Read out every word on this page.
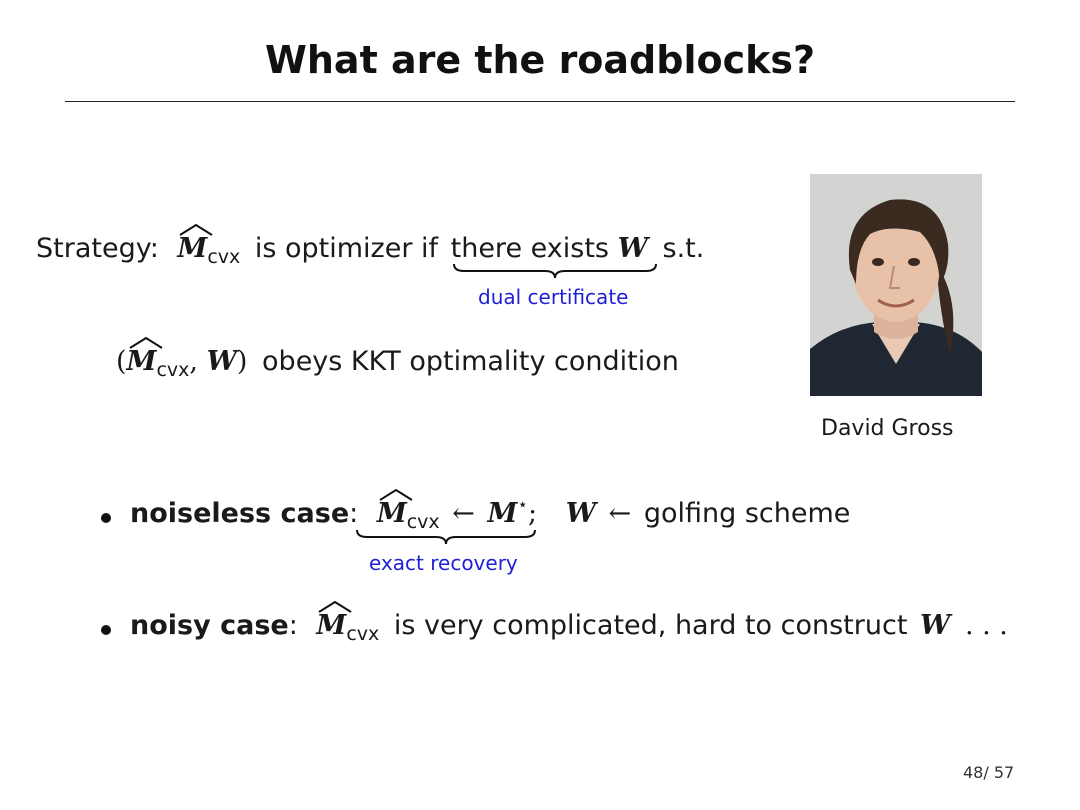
What are the roadblocks?
Strategy: $M_{cvx}$ is optimizer if there exists W s.t.
dual certificate
(
$M_{cvx}$, W) obeys KKT optimality condition
David Gross
noiseless case: $M_{cvx}$ ← M⋆; W ← golfing scheme
exact recovery
noisy case: $M_{cvx}$ is very complicated, hard to construct W . . .
48/ 57
